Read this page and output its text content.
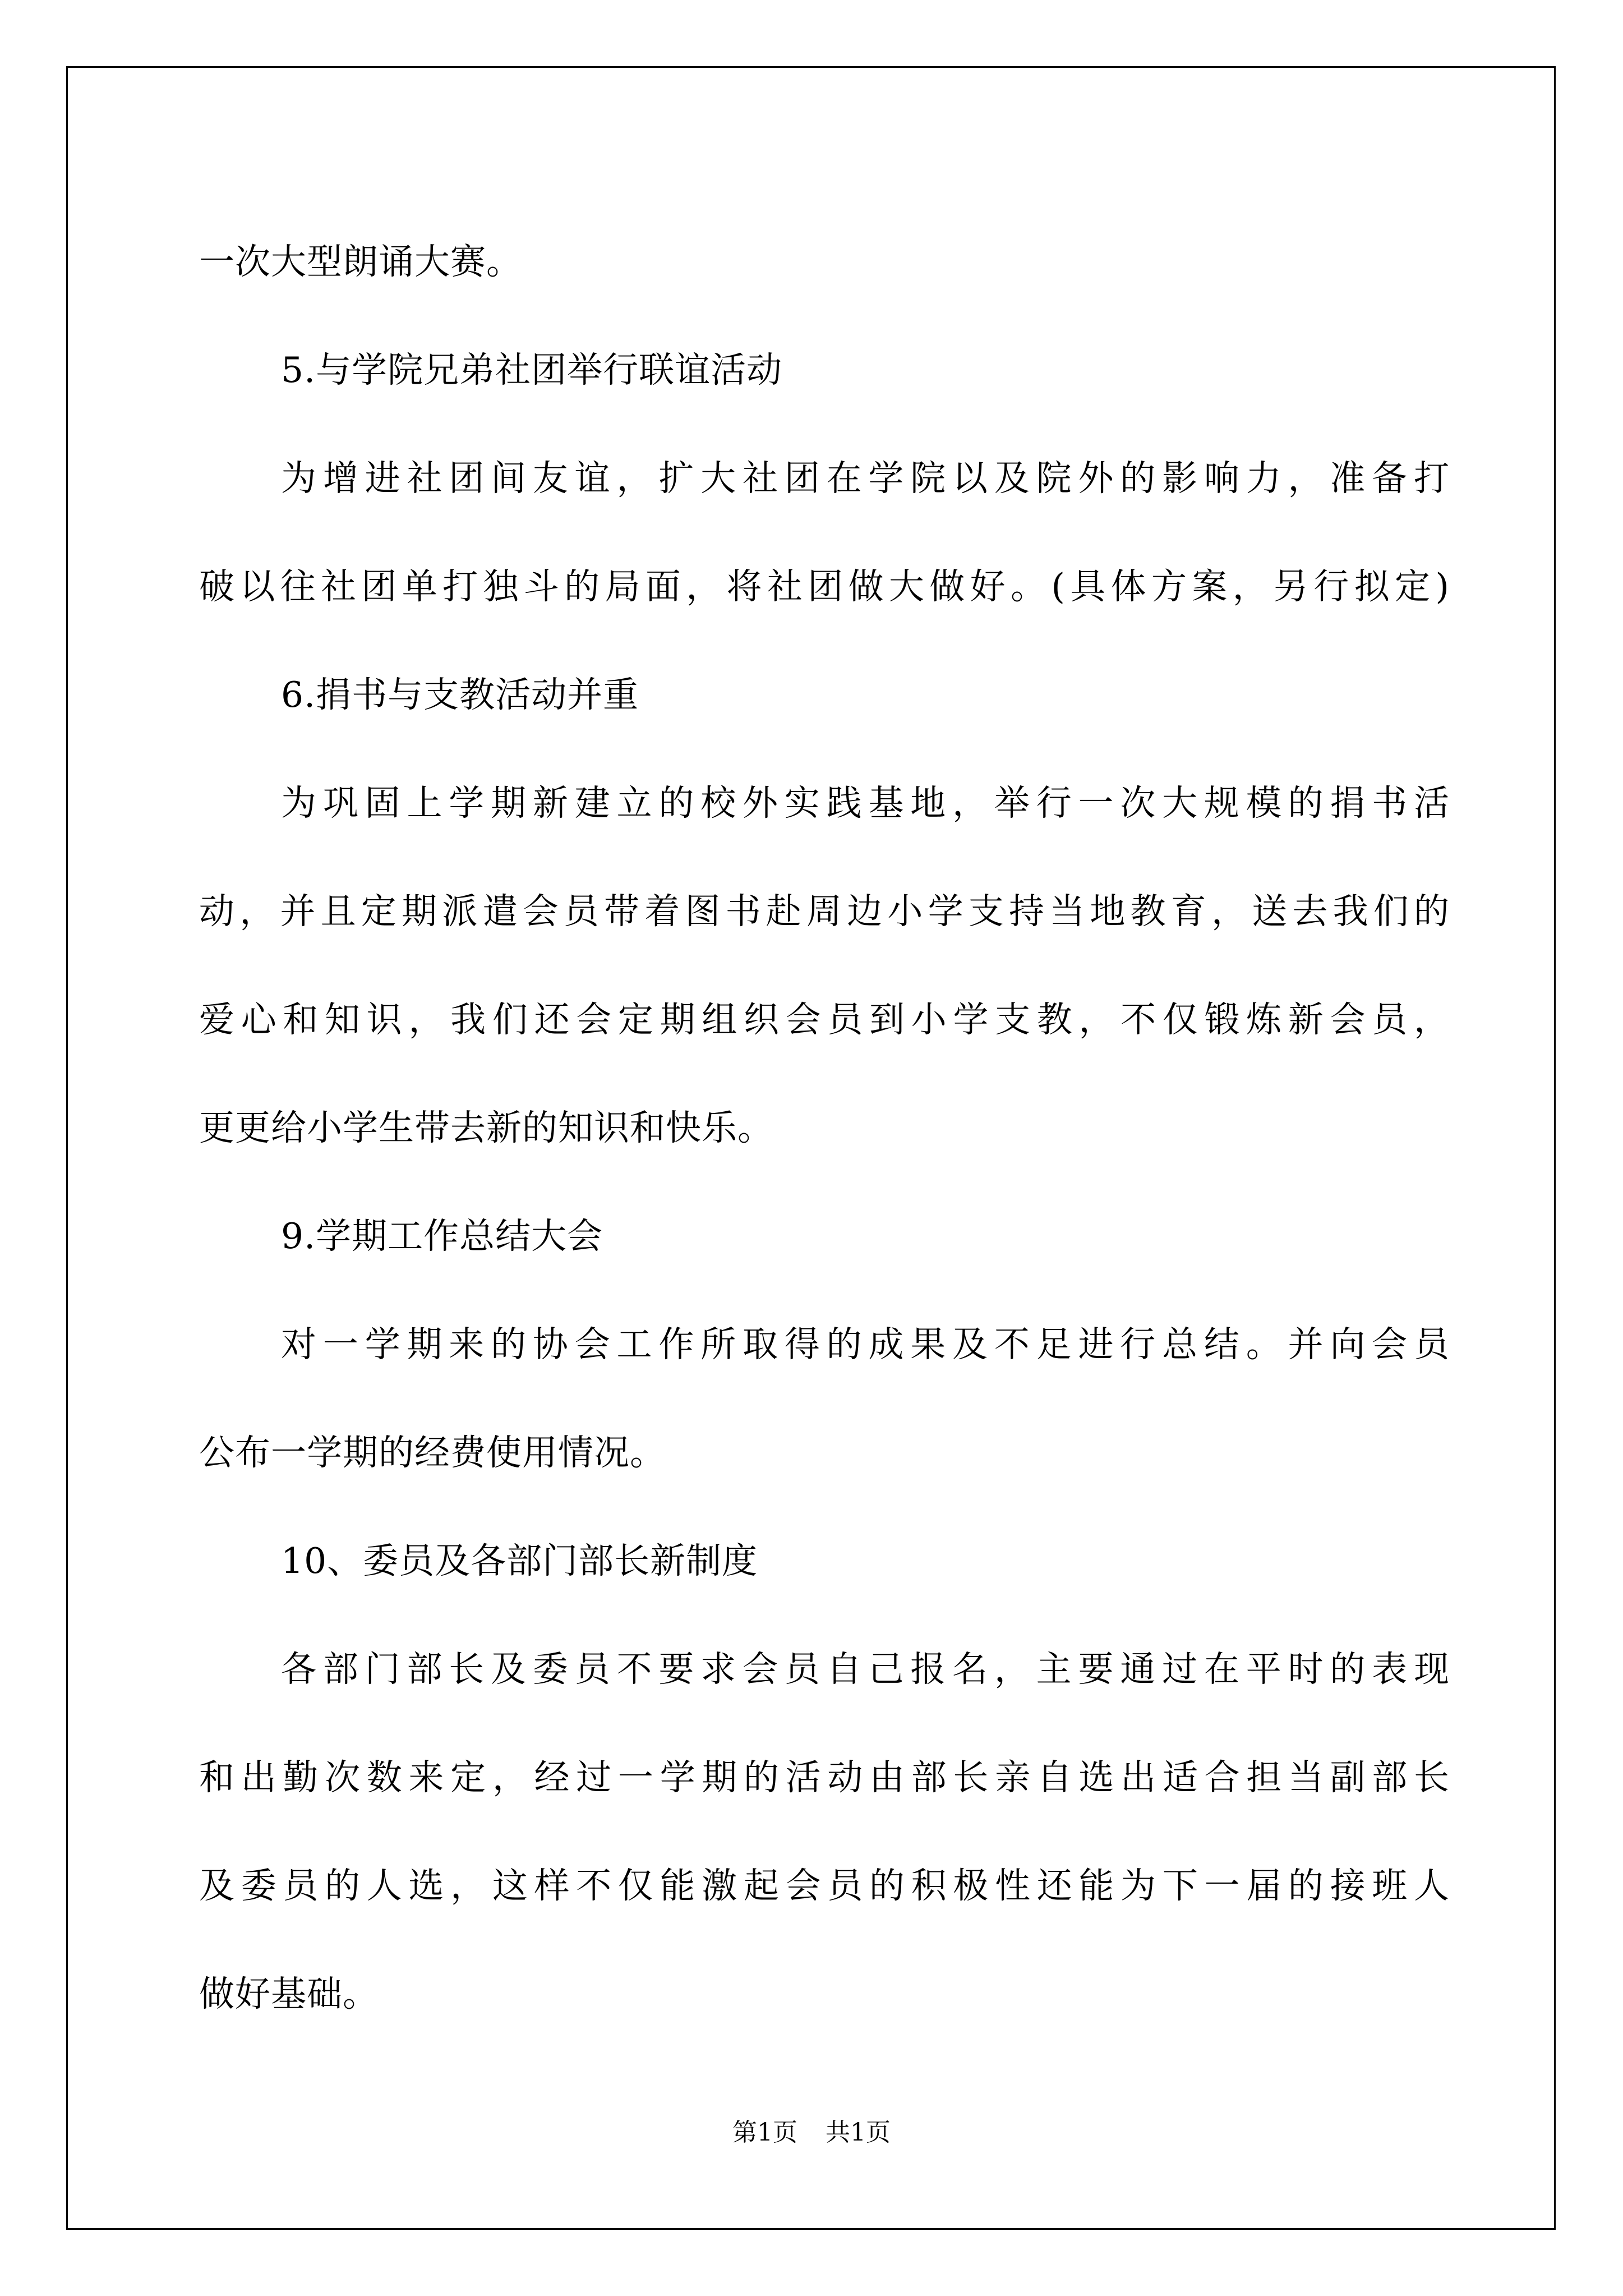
一次大型朗诵大赛。
5.与学院兄弟社团举行联谊活动
为增进社团间友谊，扩大社团在学院以及院外的影响力，准备打
破以往社团单打独斗的局面，将社团做大做好。(具体方案，另行拟定)
6.捐书与支教活动并重
为巩固上学期新建立的校外实践基地，举行一次大规模的捐书活
动，并且定期派遣会员带着图书赴周边小学支持当地教育，送去我们的
爱心和知识，我们还会定期组织会员到小学支教，不仅锻炼新会员，
更更给小学生带去新的知识和快乐。
9.学期工作总结大会
对一学期来的协会工作所取得的成果及不足进行总结。并向会员
公布一学期的经费使用情况。
10、委员及各部门部长新制度
各部门部长及委员不要求会员自己报名，主要通过在平时的表现
和出勤次数来定，经过一学期的活动由部长亲自选出适合担当副部长
及委员的人选，这样不仅能激起会员的积极性还能为下一届的接班人
做好基础。
第1页 共1页
